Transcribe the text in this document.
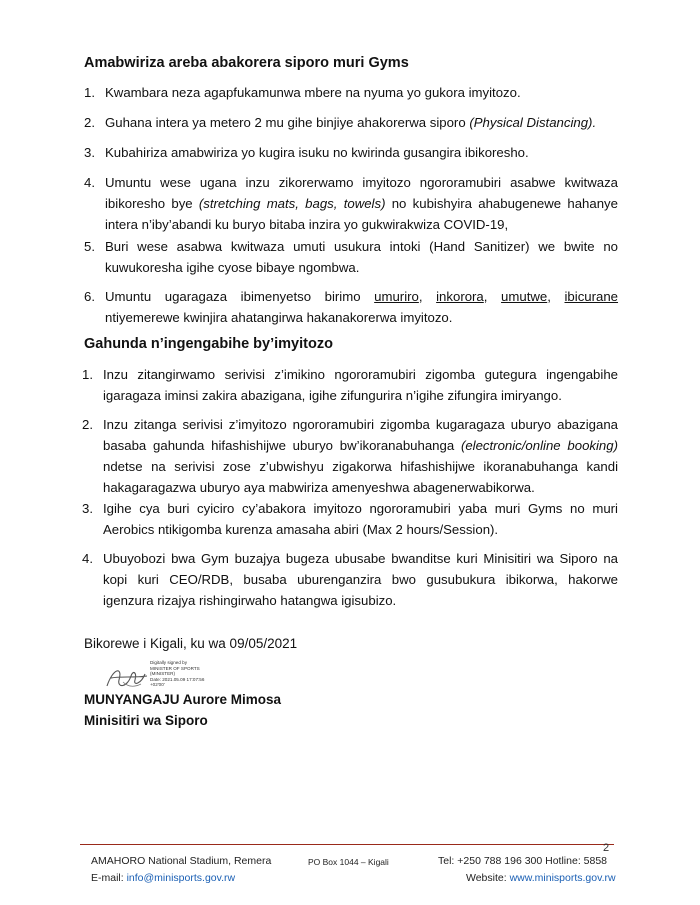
Amabwiriza areba abakorera siporo muri Gyms
1. Kwambara neza agapfukamunwa mbere na nyuma yo gukora imyitozo.
2. Guhana intera ya metero 2 mu gihe binjiye ahakorerwa siporo (Physical Distancing).
3. Kubahiriza amabwiriza yo kugira isuku no kwirinda gusangira ibikoresho.
4. Umuntu wese ugana inzu zikorerwamo imyitozo ngororamubiri asabwe kwitwaza ibikoresho bye (stretching mats, bags, towels) no kubishyira ahabugenewe hahanye intera n’iby’abandi ku buryo bitaba inzira yo gukwirakwiza COVID-19,
5. Buri wese asabwa kwitwaza umuti usukura intoki (Hand Sanitizer) we bwite no kuwukoresha igihe cyose bibaye ngombwa.
6. Umuntu ugaragaza ibimenyetso birimo umuriro, inkorora, umutwe, ibicurane ntiyemerewe kwinjira ahatangirwa hakanakorerwa imyitozo.
Gahunda n’ingengabihe by’imyitozo
1. Inzu zitangirwamo serivisi z’imikino ngororamubiri zigomba gutegura ingengabihe igaragaza iminsi zakira abazigana, igihe zifungurira n’igihe zifungira imiryango.
2. Inzu zitanga serivisi z’imyitozo ngororamubiri zigomba kugaragaza uburyo abazigana basaba gahunda hifashishijwe uburyo bw’ikoranabuhanga (electronic/online booking) ndetse na serivisi zose z’ubwishyu zigakorwa hifashishijwe ikoranabuhanga kandi hakagaragazwa uburyo aya mabwiriza amenyeshwa abagenerwabikorwa.
3. Igihe cya buri cyiciro cy’abakora imyitozo ngororamubiri yaba muri Gyms no muri Aerobics ntikigomba kurenza amasaha abiri (Max 2 hours/Session).
4. Ubuyobozi bwa Gym buzajya bugeza ubusabe bwanditse kuri Minisitiri wa Siporo na kopi kuri CEO/RDB, busaba uburenganzira bwo gusubukura ibikorwa, hakorwe igenzura rizajya rishingirwaho hatangwa igisubizo.
Bikorewe i Kigali, ku wa 09/05/2021
Digitally signed by
MINISTER OF SPORTS
(MINISTER)
Date: 2021.05.09 17:07:56
+02'00'
MUNYANGAJU Aurore Mimosa
Minisitiri wa Siporo
2
AMAHORO National Stadium, Remera	PO Box 1044 – Kigali	Tel: +250 788 196 300 Hotline: 5858
E-mail: info@minisports.gov.rw	Website: www.minisports.gov.rw
